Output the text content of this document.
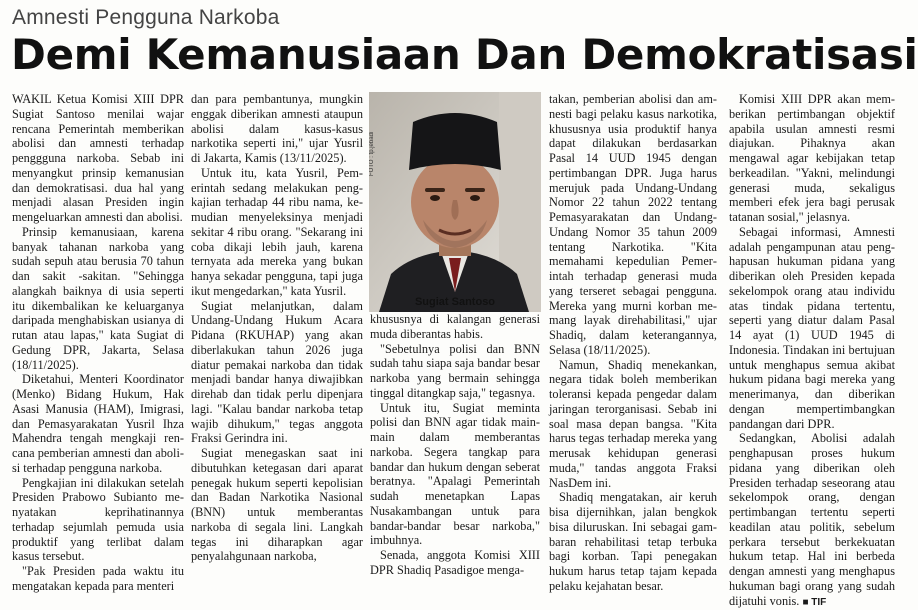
Amnesti Pengguna Narkoba
Demi Kemanusiaan Dan Demokratisasi

WAKIL Ketua Komisi XIII DPR Sugiat Santoso menilai wajar rencana Pemerintah memberikan abolisi dan amnesti terhadap penggguna narkoba. Sebab ini menyangkut prinsip kemanusian dan demokratisasi. dua hal yang menjadi alasan Presiden ingin mengeluarkan amnesti dan abolisi.

Prinsip kemanusiaan, karena banyak tahanan narkoba yang sudah sepuh atau berusia 70 tahun dan sakit -sakitan. "Sehingga alangkah baiknya di usia seperti itu dikembalikan ke keluarganya daripada menghabiskan usianya di rutan atau lapas," kata Sugiat di Gedung DPR, Jakarta, Selasa (18/11/2025).

Diketahui, Menteri Koordinator (Menko) Bidang Hukum, Hak Asasi Manusia (HAM), Imigrasi, dan Pemasyarakatan Yusril Ihza Mahendra tengah mengkaji rencana pemberian amnesti dan abolisi terhadap pengguna narkoba.

Pengkajian ini dilakukan setelah Presiden Prabowo Subianto menyatakan keprihatinannya terhadap sejumlah pemuda usia produktif yang terlibat dalam kasus tersebut.

"Pak Presiden pada waktu itu mengatakan kepada para menteri

dan para pembantunya, mungkin enggak diberikan amnesti ataupun abolisi dalam kasus-kasus narkotika seperti ini," ujar Yusril di Jakarta, Kamis (13/11/2025).

Untuk itu, kata Yusril, Pemerintah sedang melakukan pengkajian terhadap 44 ribu nama, kemudian menyeleksinya menjadi sekitar 4 ribu orang. "Sekarang ini coba dikaji lebih jauh, karena ternyata ada mereka yang bukan hanya sekadar pengguna, tapi juga ikut mengedarkan," kata Yusril.

Sugiat melanjutkan, dalam Undang-Undang Hukum Acara Pidana (RKUHAP) yang akan diberlakukan tahun 2026 juga diatur pemakai narkoba dan tidak menjadi bandar hanya diwajibkan direhab dan tidak perlu dipenjara lagi. "Kalau bandar narkoba tetap wajib dihukum," tegas anggota Fraksi Gerindra ini.

Sugiat menegaskan saat ini dibutuhkan ketegasan dari aparat penegak hukum seperti kepolisian dan Badan Narkotika Nasional (BNN) untuk memberantas narkoba di segala lini. Langkah tegas ini diharapkan agar penyalahgunaan narkoba,

FOTO : tp.jebadi
Sugiat Santoso

khususnya di kalangan generasi muda diberantas habis.

"Sebetulnya polisi dan BNN sudah tahu siapa saja bandar besar narkoba yang bermain sehingga tinggal ditangkap saja," tegasnya.

Untuk itu, Sugiat meminta polisi dan BNN agar tidak main-main dalam memberantas narkoba. Segera tangkap para bandar dan hukum dengan seberat beratnya. "Apalagi Pemerintah sudah menetapkan Lapas Nusakambangan untuk para bandar-bandar besar narkoba," imbuhnya.

Senada, anggota Komisi XIII DPR Shadiq Pasadigoe menga-

takan, pemberian abolisi dan amnesti bagi pelaku kasus narkotika, khususnya usia produktif hanya dapat dilakukan berdasarkan Pasal 14 UUD 1945 dengan pertimbangan DPR. Juga harus merujuk pada Undang-Undang Nomor 22 tahun 2022 tentang Pemasyarakatan dan Undang-Undang Nomor 35 tahun 2009 tentang Narkotika. "Kita memahami kepedulian Pemerintah terhadap generasi muda yang terseret sebagai pengguna. Mereka yang murni korban memang layak direhabilitasi," ujar Shadiq, dalam keterangannya, Selasa (18/11/2025).

Namun, Shadiq menekankan, negara tidak boleh memberikan toleransi kepada pengedar dalam jaringan terorganisasi. Sebab ini soal masa depan bangsa. "Kita harus tegas terhadap mereka yang merusak kehidupan generasi muda," tandas anggota Fraksi NasDem ini.

Shadiq mengatakan, air keruh bisa dijernihkan, jalan bengkok bisa diluruskan. Ini sebagai gambaran rehabilitasi tetap terbuka bagi korban. Tapi penegakan hukum harus tetap tajam kepada pelaku kejahatan besar.

Komisi XIII DPR akan memberikan pertimbangan objektif apabila usulan amnesti resmi diajukan. Pihaknya akan mengawal agar kebijakan tetap berkeadilan. "Yakni, melindungi generasi muda, sekaligus memberi efek jera bagi perusak tatanan sosial," jelasnya.

Sebagai informasi, Amnesti adalah pengampunan atau penghapusan hukuman pidana yang diberikan oleh Presiden kepada sekelompok orang atau individu atas tindak pidana tertentu, seperti yang diatur dalam Pasal 14 ayat (1) UUD 1945 di Indonesia. Tindakan ini bertujuan untuk menghapus semua akibat hukum pidana bagi mereka yang menerimanya, dan diberikan dengan mempertimbangkan pandangan dari DPR.

Sedangkan, Abolisi adalah penghapusan proses hukum pidana yang diberikan oleh Presiden terhadap seseorang atau sekelompok orang, dengan pertimbangan tertentu seperti keadilan atau politik, sebelum perkara tersebut berkekuatan hukum tetap. Hal ini berbeda dengan amnesti yang menghapus hukuman bagi orang yang sudah dijatuhi vonis. ■ TIF
